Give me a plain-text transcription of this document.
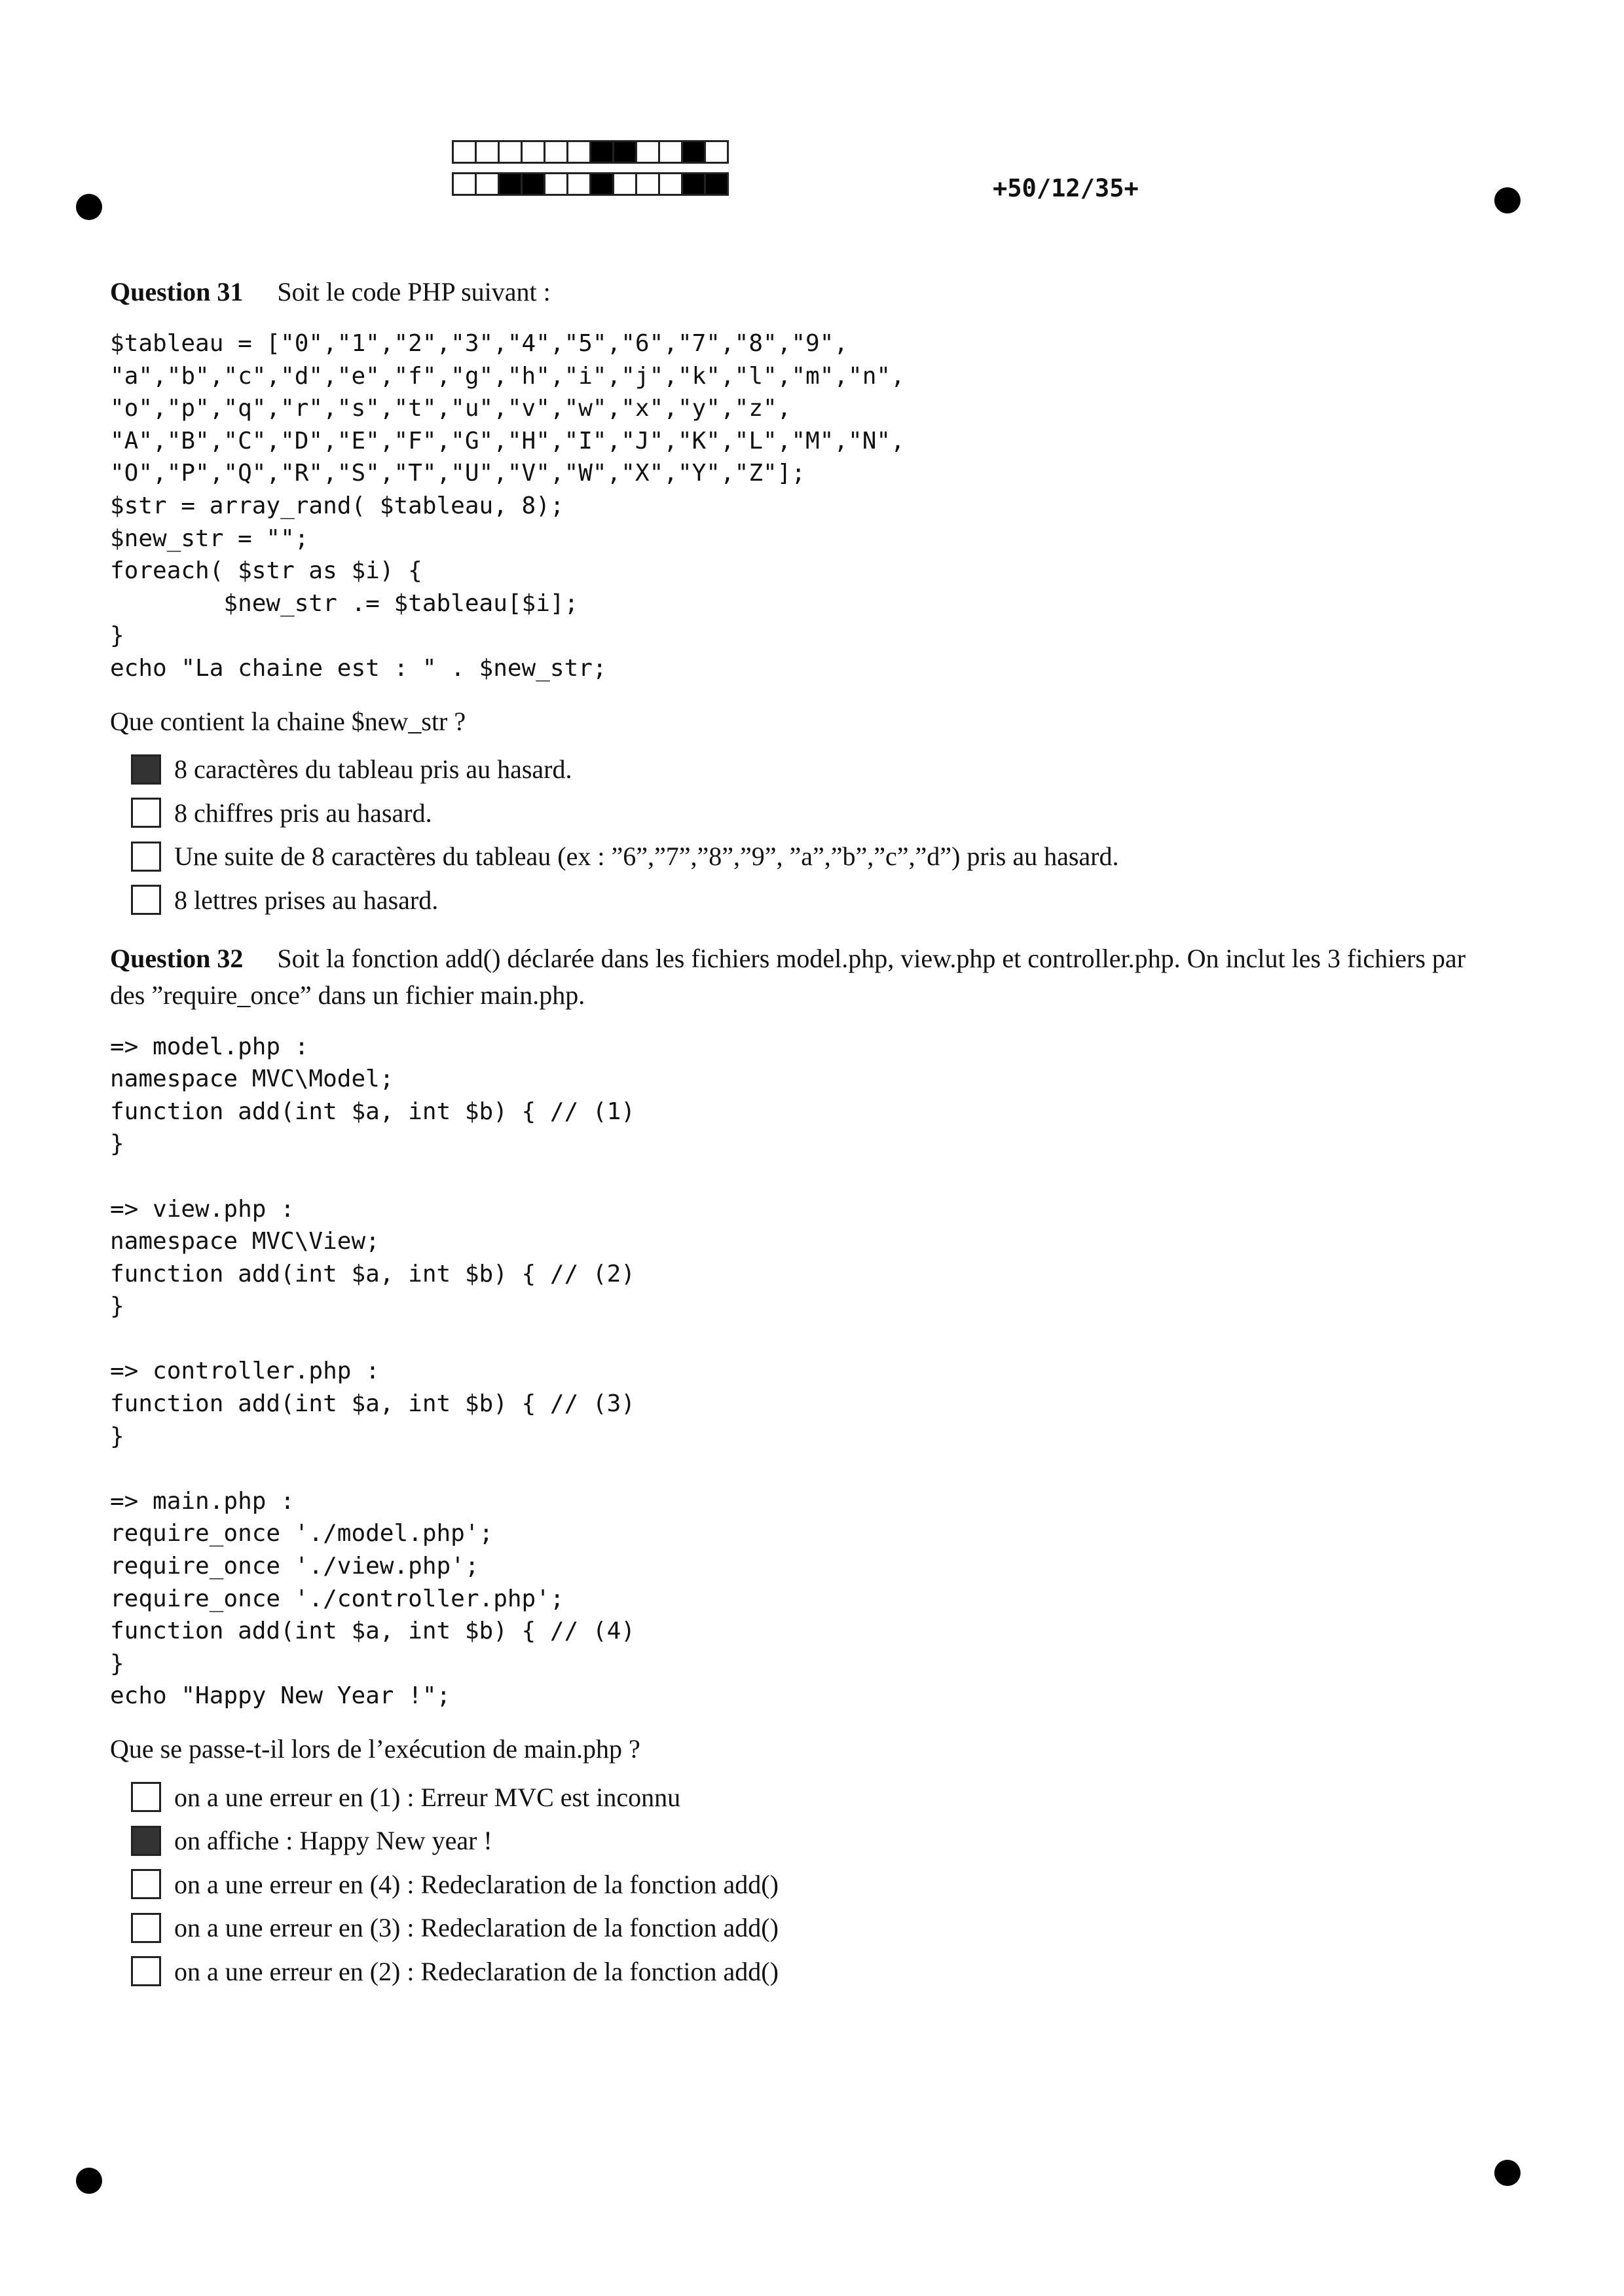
+50/12/35+

Question 31 Soit le code PHP suivant :

$tableau = ["0","1","2","3","4","5","6","7","8","9",
"a","b","c","d","e","f","g","h","i","j","k","l","m","n",
"o","p","q","r","s","t","u","v","w","x","y","z",
"A","B","C","D","E","F","G","H","I","J","K","L","M","N",
"O","P","Q","R","S","T","U","V","W","X","Y","Z"];
$str = array_rand( $tableau, 8);
$new_str = "";
foreach( $str as $i) {
$new_str .= $tableau[$i];
}
echo "La chaine est : " . $new_str;

Que contient la chaine $new_str ?

8 caractères du tableau pris au hasard.
8 chiffres pris au hasard.
Une suite de 8 caractères du tableau (ex : ”6”,”7”,”8”,”9”, ”a”,”b”,”c”,”d”) pris au hasard.
8 lettres prises au hasard.

Question 32 Soit la fonction add() déclarée dans les fichiers model.php, view.php et controller.php. On inclut les 3 fichiers par des ”require_once” dans un fichier main.php.

=> model.php :
namespace MVC\Model;
function add(int $a, int $b) { // (1)
}

=> view.php :
namespace MVC\View;
function add(int $a, int $b) { // (2)
}

=> controller.php :
function add(int $a, int $b) { // (3)
}

=> main.php :
require_once './model.php';
require_once './view.php';
require_once './controller.php';
function add(int $a, int $b) { // (4)
}
echo "Happy New Year !";

Que se passe-t-il lors de l’exécution de main.php ?

on a une erreur en (1) : Erreur MVC est inconnu
on affiche : Happy New year !
on a une erreur en (4) : Redeclaration de la fonction add()
on a une erreur en (3) : Redeclaration de la fonction add()
on a une erreur en (2) : Redeclaration de la fonction add()
